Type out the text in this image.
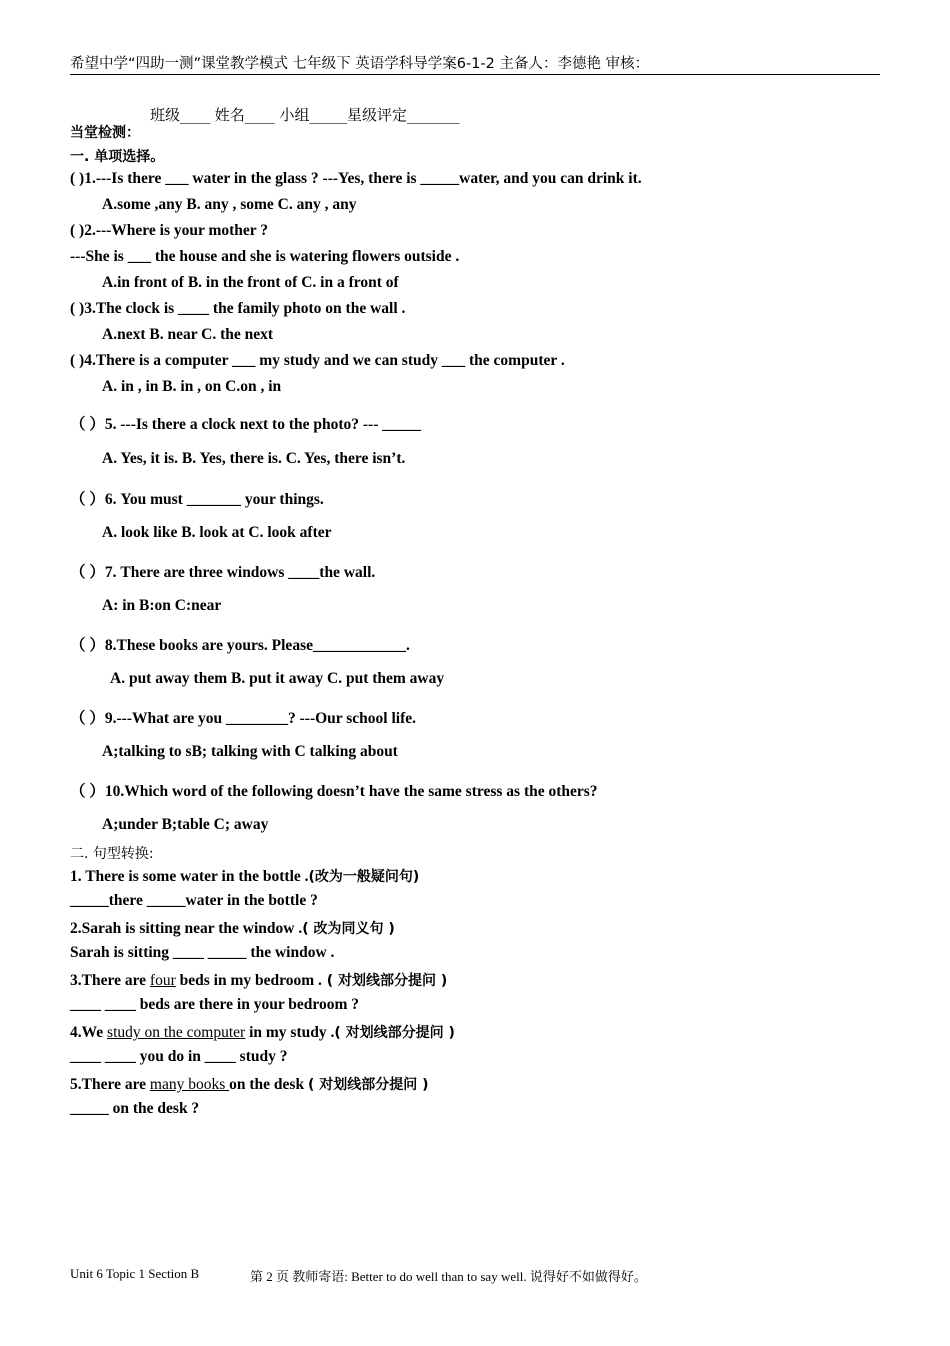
希望中学“四助一测”课堂教学模式 七年级下 英语学科导学案6-1-2 主备人：李德艳 审核：
班级____ 姓名____ 小组_____星级评定_______
当堂检测：
一. 单项选择。
( )1.---Is there ___ water in the glass ? ---Yes, there is _____water, and you can drink it.
A.some ,any B. any , some C. any , any
( )2.---Where is your mother ?
---She is ___ the house and she is watering flowers outside .
A.in front of B. in the front of C. in a front of
( )3.The clock is ____ the family photo on the wall .
A.next B. near C. the next
( )4.There is a computer ___ my study and we can study ___ the computer .
A. in , in B. in , on C.on , in
（ ）5. ---Is there a clock next to the photo? --- _____
A. Yes, it is. B. Yes, there is. C. Yes, there isn’t.
（ ）6. You must _______ your things.
A. look like B. look at C. look after
（ ）7. There are three windows ____the wall.
A: in B:on C:near
（ ）8.These books are yours. Please____________.
A. put away them B. put it away C. put them away
（ ）9.---What are you ________? ---Our school life.
A;talking to sB; talking with C talking about
（ ）10.Which word of the following doesn’t have the same stress as the others?
A;under B;table C; away
二. 句型转换:
1. There is some water in the bottle .(改为一般疑问句)
_____there _____water in the bottle ?
2.Sarah is sitting near the window .( 改为同义句 )
Sarah is sitting ____ _____ the window .
3.There are four beds in my bedroom . ( 对划线部分提问 )
____ ____ beds are there in your bedroom ?
4.We study on the computer in my study .( 对划线部分提问 )
____ ____ you do in ____ study ?
5.There are many books on the desk ( 对划线部分提问 )
_____ on the desk ?
Unit 6 Topic 1 Section B	第 2 页 教师寄语: Better to do well than to say well. 说得好不如做得好。
